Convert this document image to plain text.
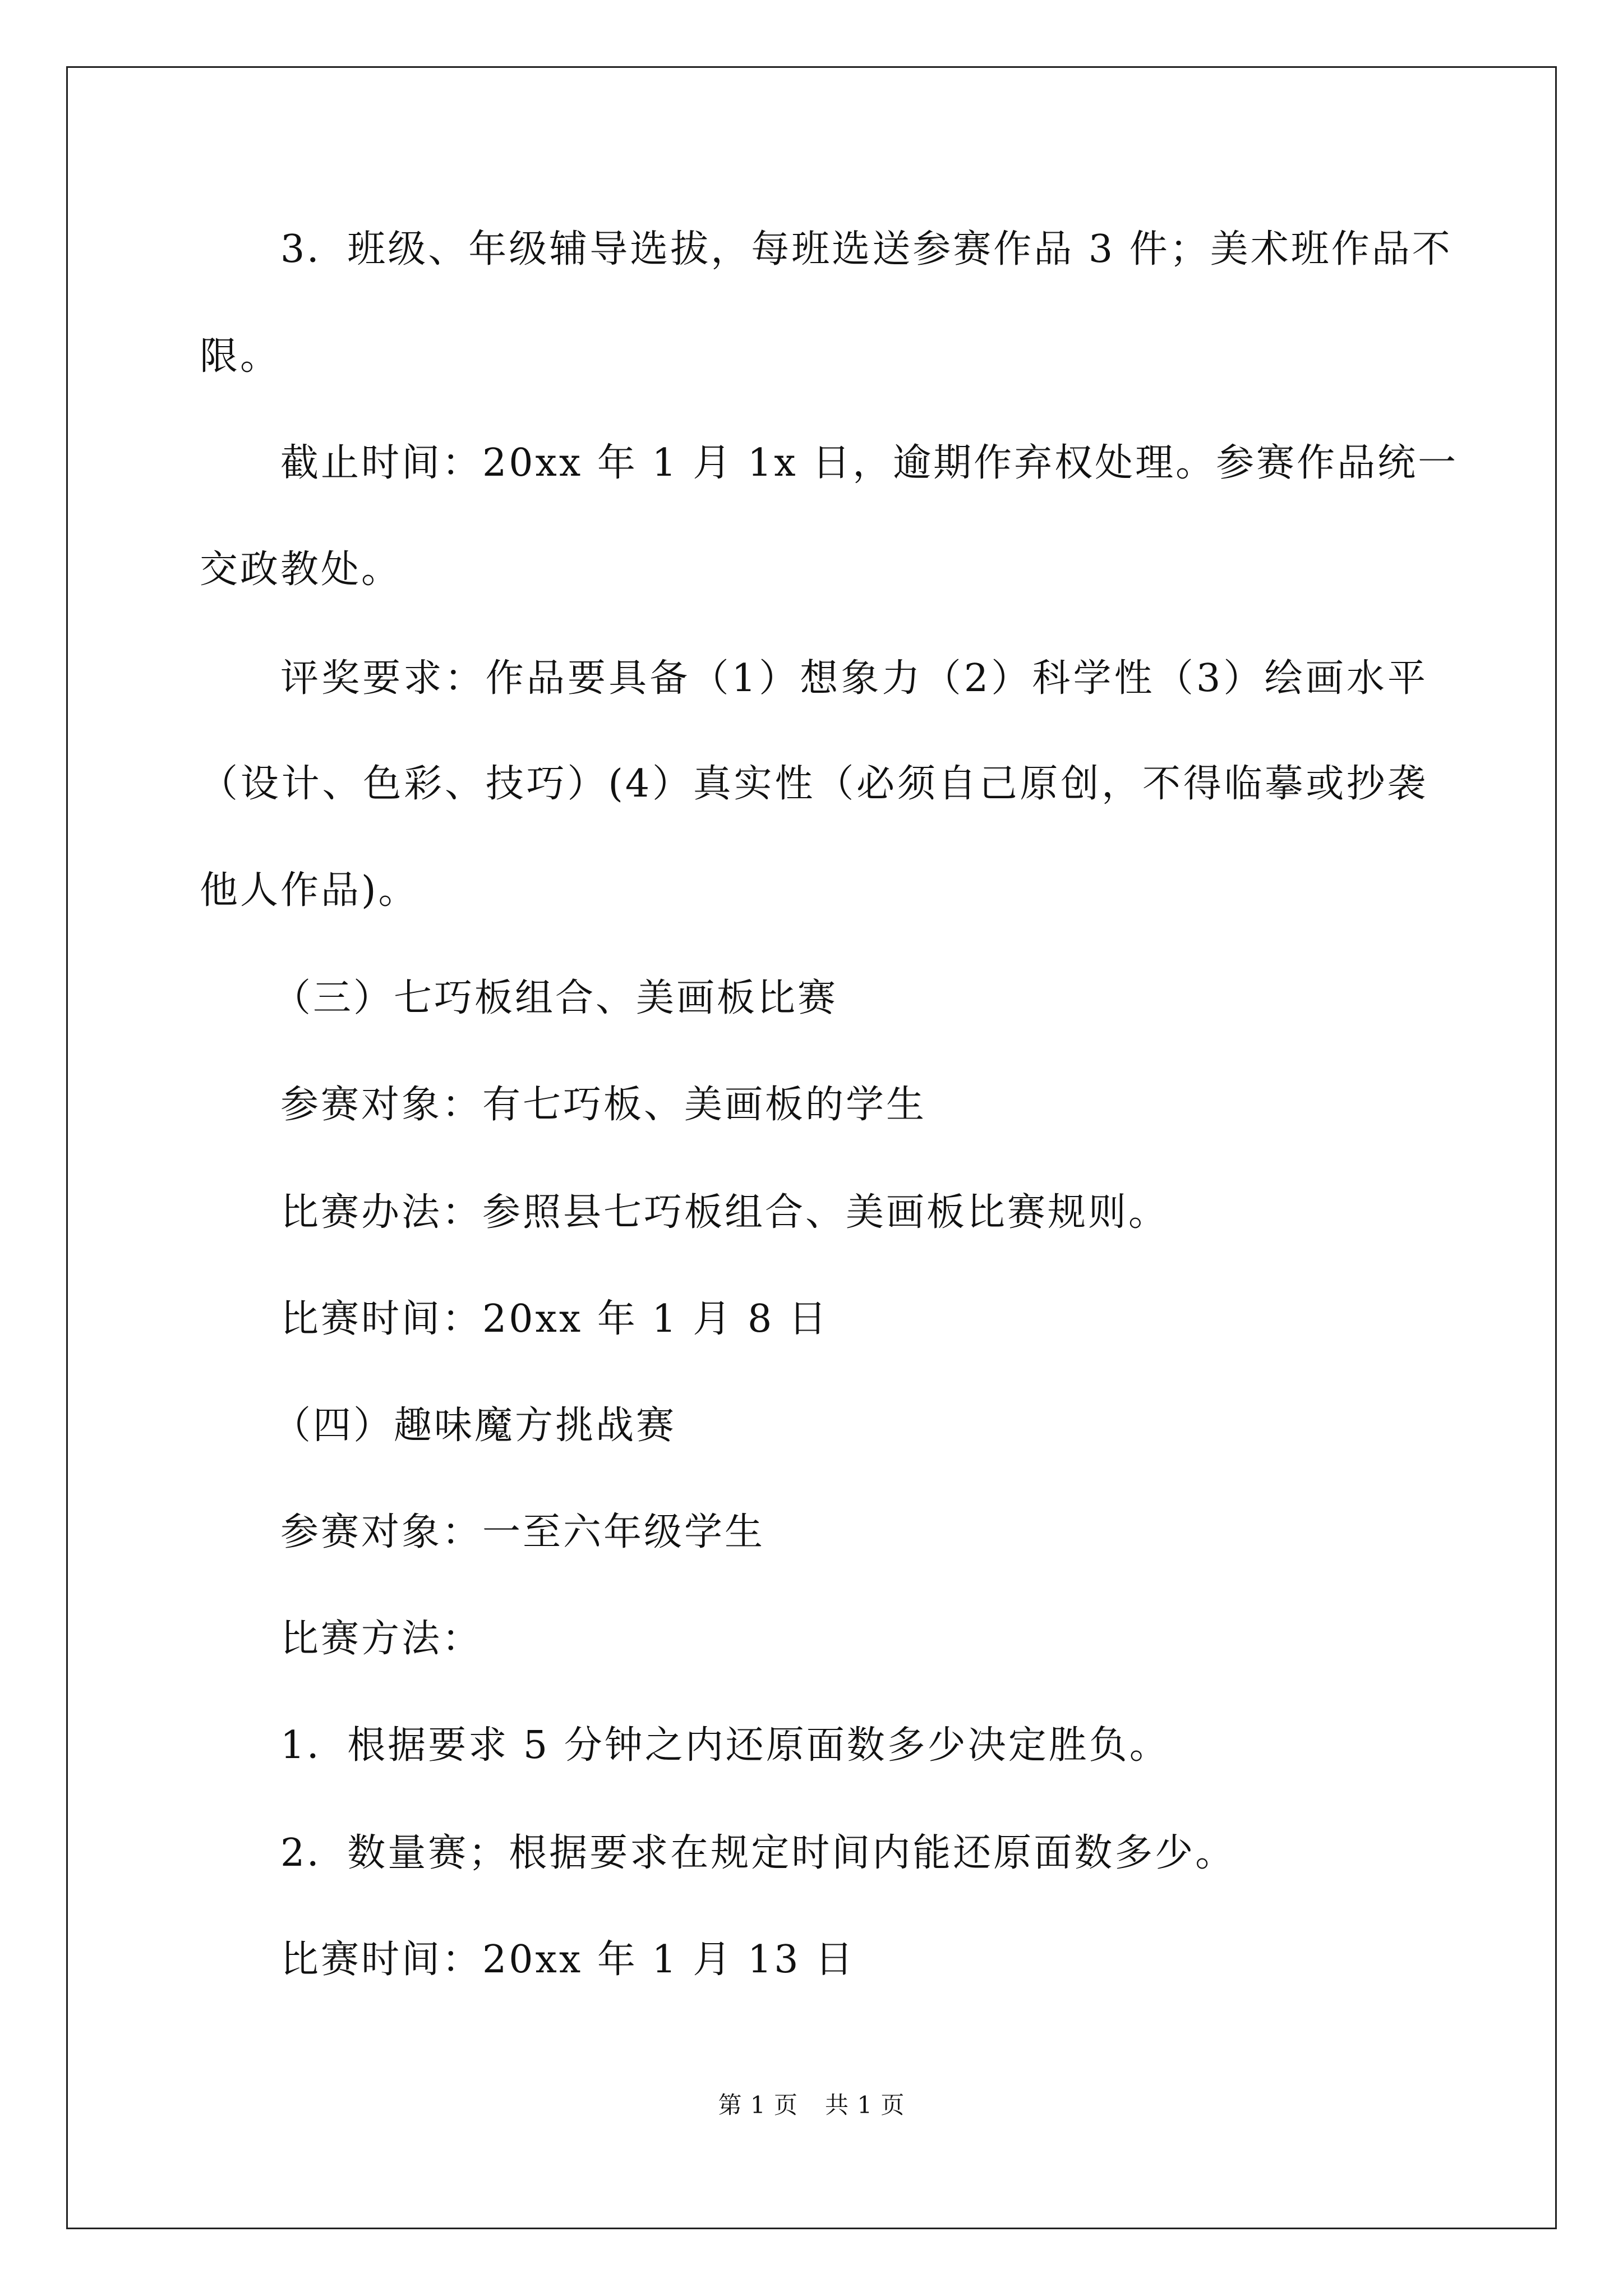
3．班级、年级辅导选拔，每班选送参赛作品 3 件；美术班作品不
限。
截止时间：20xx 年 1 月 1x 日，逾期作弃权处理。参赛作品统一
交政教处。
评奖要求：作品要具备（1）想象力（2）科学性（3）绘画水平
（设计、色彩、技巧）(4）真实性（必须自己原创，不得临摹或抄袭
他人作品)。
（三）七巧板组合、美画板比赛
参赛对象：有七巧板、美画板的学生
比赛办法：参照县七巧板组合、美画板比赛规则。
比赛时间：20xx 年 1 月 8 日
（四）趣味魔方挑战赛
参赛对象：一至六年级学生
比赛方法：
1．根据要求 5 分钟之内还原面数多少决定胜负。
2．数量赛；根据要求在规定时间内能还原面数多少。
比赛时间：20xx 年 1 月 13 日
第 1 页 共 1 页
